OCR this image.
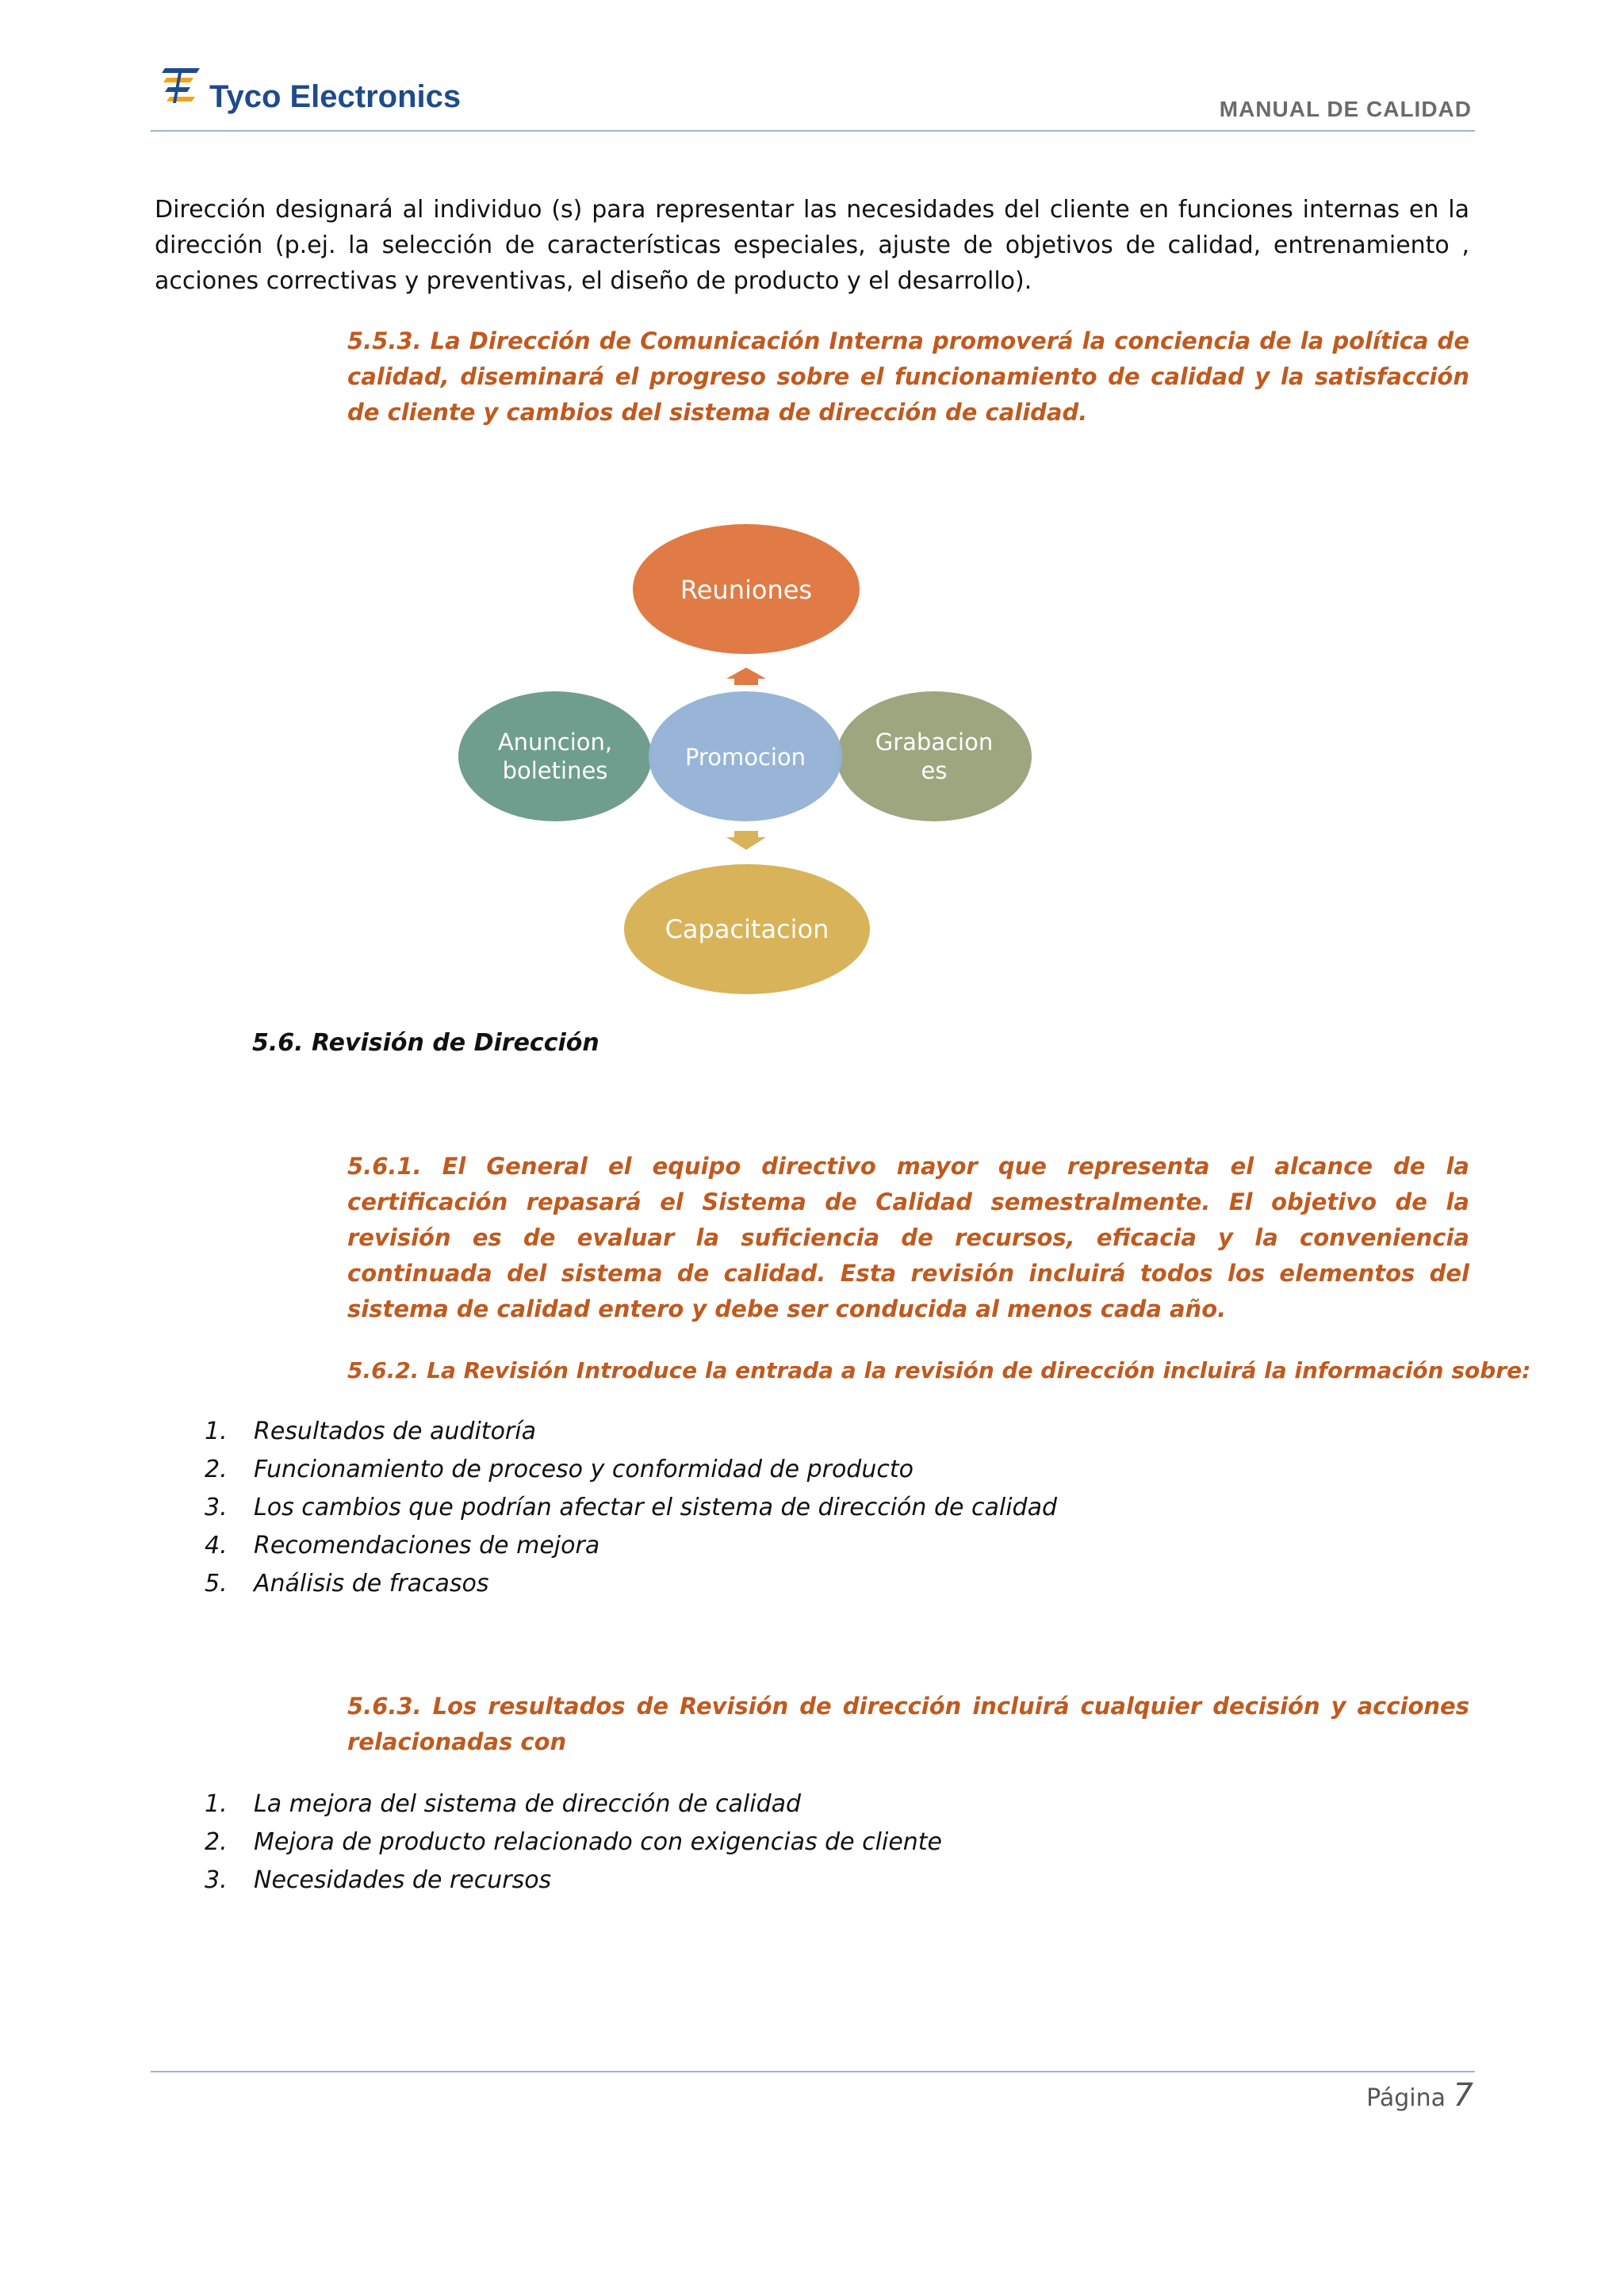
Tyco Electronics	MANUAL DE CALIDAD
Dirección designará al individuo (s) para representar las necesidades del cliente en funciones internas en la dirección (p.ej. la selección de características especiales, ajuste de objetivos de calidad, entrenamiento , acciones correctivas y preventivas, el diseño de producto y el desarrollo).
5.5.3. La Dirección de Comunicación Interna promoverá la conciencia de la política de calidad, diseminará el progreso sobre el funcionamiento de calidad y la satisfacción de cliente y cambios del sistema de dirección de calidad.
Reuniones
Anuncion,
boletines
Grabacion
es
Promocion
Capacitacion
5.6. Revisión de Dirección
5.6.1. El General el equipo directivo mayor que representa el alcance de la certificación repasará el Sistema de Calidad semestralmente. El objetivo de la revisión es de evaluar la suficiencia de recursos, eficacia y la conveniencia continuada del sistema de calidad. Esta revisión incluirá todos los elementos del sistema de calidad entero y debe ser conducida al menos cada año.
5.6.2. La Revisión Introduce la entrada a la revisión de dirección incluirá la información sobre:
1. Resultados de auditoría
2. Funcionamiento de proceso y conformidad de producto
3. Los cambios que podrían afectar el sistema de dirección de calidad
4. Recomendaciones de mejora
5. Análisis de fracasos
5.6.3. Los resultados de Revisión de dirección incluirá cualquier decisión y acciones relacionadas con
1. La mejora del sistema de dirección de calidad
2. Mejora de producto relacionado con exigencias de cliente
3. Necesidades de recursos
Página 7
